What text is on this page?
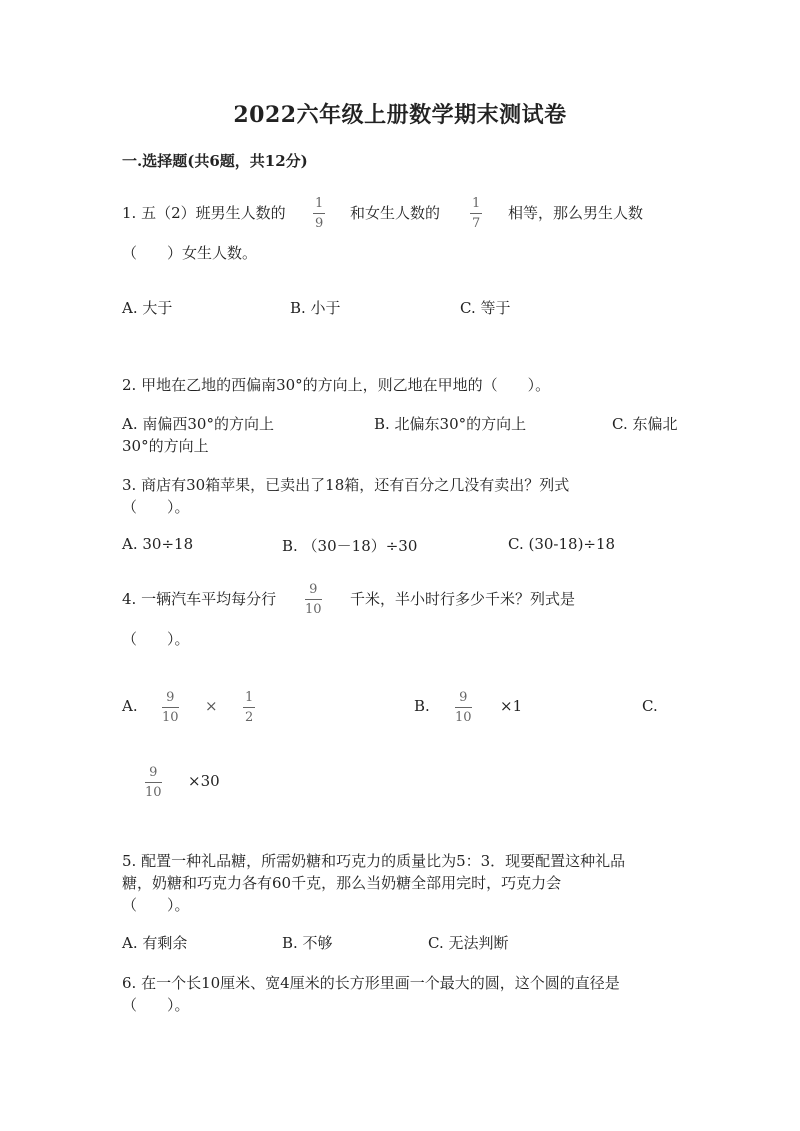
2022六年级上册数学期末测试卷
一.选择题(共6题，共12分)
1. 五（2）班男生人数的
1
9
和女生人数的
1
7
相等，那么男生人数
（　　）女生人数。
A. 大于	B. 小于	C. 等于
2. 甲地在乙地的西偏南30°的方向上，则乙地在甲地的（　　）。
A. 南偏西30°的方向上	B. 北偏东30°的方向上	C. 东偏北
30°的方向上
3. 商店有30箱苹果，已卖出了18箱，还有百分之几没有卖出？列式
（　　）。
A. 30÷18	B. （30－18）÷30	C. (30-18)÷18
4. 一辆汽车平均每分行
9
10
千米，半小时行多少千米？列式是
（　　）。
A. 9
10
× 1
2
B. 9
10
×1	C.
9
10
×30
5. 配置一种礼品糖，所需奶糖和巧克力的质量比为5：3．现要配置这种礼品
糖，奶糖和巧克力各有60千克，那么当奶糖全部用完时，巧克力会
（　　）。
A. 有剩余	B. 不够	C. 无法判断
6. 在一个长10厘米、宽4厘米的长方形里画一个最大的圆，这个圆的直径是
（　　）。
